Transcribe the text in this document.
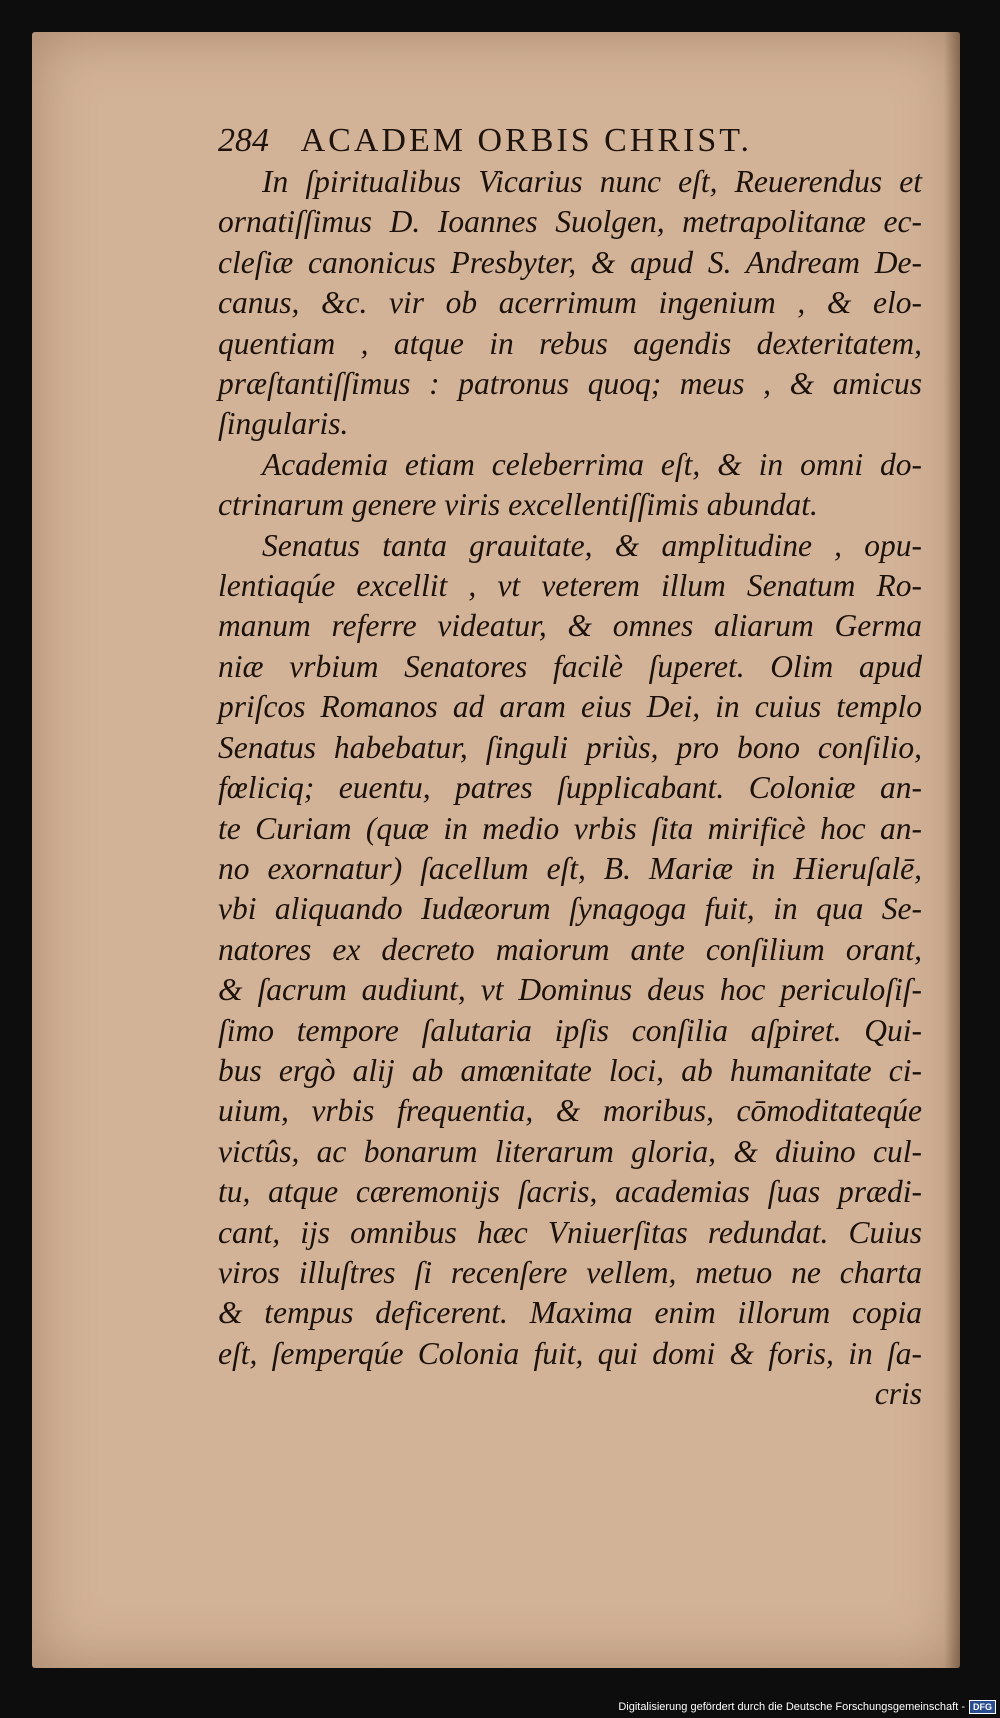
284 ACADEM ORBIS CHRIST.
In ſpiritualibus Vicarius nunc eſt, Reuerendus et
ornatiſſimus D. Ioannes Suolgen, metrapolitanæ ec-
cleſiæ canonicus Presbyter, & apud S. Andream De-
canus, &c. vir ob acerrimum ingenium , & elo-
quentiam , atque in rebus agendis dexteritatem,
præſtantiſſimus : patronus quoq; meus , & amicus
ſingularis.
Academia etiam celeberrima eſt, & in omni do-
ctrinarum genere viris excellentiſſimis abundat.
Senatus tanta grauitate, & amplitudine , opu-
lentiaqúe excellit , vt veterem illum Senatum Ro-
manum referre videatur, & omnes aliarum Germa
niæ vrbium Senatores facilè ſuperet. Olim apud
priſcos Romanos ad aram eius Dei, in cuius templo
Senatus habebatur, ſinguli priùs, pro bono conſilio,
fœliciq; euentu, patres ſupplicabant. Coloniæ an-
te Curiam (quæ in medio vrbis ſita mirificè hoc an-
no exornatur) ſacellum eſt, B. Mariæ in Hieruſalē,
vbi aliquando Iudæorum ſynagoga fuit, in qua Se-
natores ex decreto maiorum ante conſilium orant,
& ſacrum audiunt, vt Dominus deus hoc periculoſiſ-
ſimo tempore ſalutaria ipſis conſilia aſpiret. Qui-
bus ergò alij ab amœnitate loci, ab humanitate ci-
uium, vrbis frequentia, & moribus, cōmoditateqúe
victûs, ac bonarum literarum gloria, & diuino cul-
tu, atque cæremonijs ſacris, academias ſuas prædi-
cant, ijs omnibus hæc Vniuerſitas redundat. Cuius
viros illuſtres ſi recenſere vellem, metuo ne charta
& tempus deficerent. Maxima enim illorum copia
eſt, ſemperqúe Colonia fuit, qui domi & foris, in ſa-
cris
Digitalisierung gefördert durch die Deutsche Forschungsgemeinschaft - DFG
